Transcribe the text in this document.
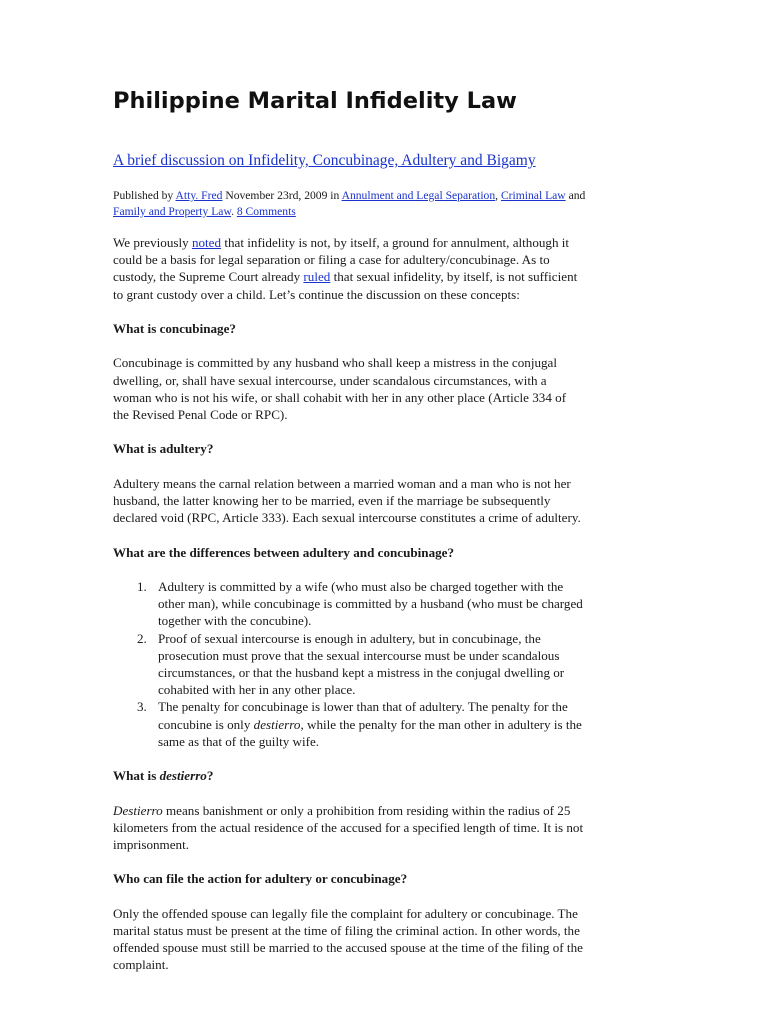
Philippine Marital Infidelity Law
A brief discussion on Infidelity, Concubinage, Adultery and Bigamy
Published by Atty. Fred November 23rd, 2009 in Annulment and Legal Separation, Criminal Law and
Family and Property Law. 8 Comments
We previously noted that infidelity is not, by itself, a ground for annulment, although it
could be a basis for legal separation or filing a case for adultery/concubinage. As to
custody, the Supreme Court already ruled that sexual infidelity, by itself, is not sufficient
to grant custody over a child. Let’s continue the discussion on these concepts:
What is concubinage?
Concubinage is committed by any husband who shall keep a mistress in the conjugal
dwelling, or, shall have sexual intercourse, under scandalous circumstances, with a
woman who is not his wife, or shall cohabit with her in any other place (Article 334 of
the Revised Penal Code or RPC).
What is adultery?
Adultery means the carnal relation between a married woman and a man who is not her
husband, the latter knowing her to be married, even if the marriage be subsequently
declared void (RPC, Article 333). Each sexual intercourse constitutes a crime of adultery.
What are the differences between adultery and concubinage?
1. Adultery is committed by a wife (who must also be charged together with the
other man), while concubinage is committed by a husband (who must be charged
together with the concubine).
2. Proof of sexual intercourse is enough in adultery, but in concubinage, the
prosecution must prove that the sexual intercourse must be under scandalous
circumstances, or that the husband kept a mistress in the conjugal dwelling or
cohabited with her in any other place.
3. The penalty for concubinage is lower than that of adultery. The penalty for the
concubine is only destierro, while the penalty for the man other in adultery is the
same as that of the guilty wife.
What is destierro?
Destierro means banishment or only a prohibition from residing within the radius of 25
kilometers from the actual residence of the accused for a specified length of time. It is not
imprisonment.
Who can file the action for adultery or concubinage?
Only the offended spouse can legally file the complaint for adultery or concubinage. The
marital status must be present at the time of filing the criminal action. In other words, the
offended spouse must still be married to the accused spouse at the time of the filing of the
complaint.
